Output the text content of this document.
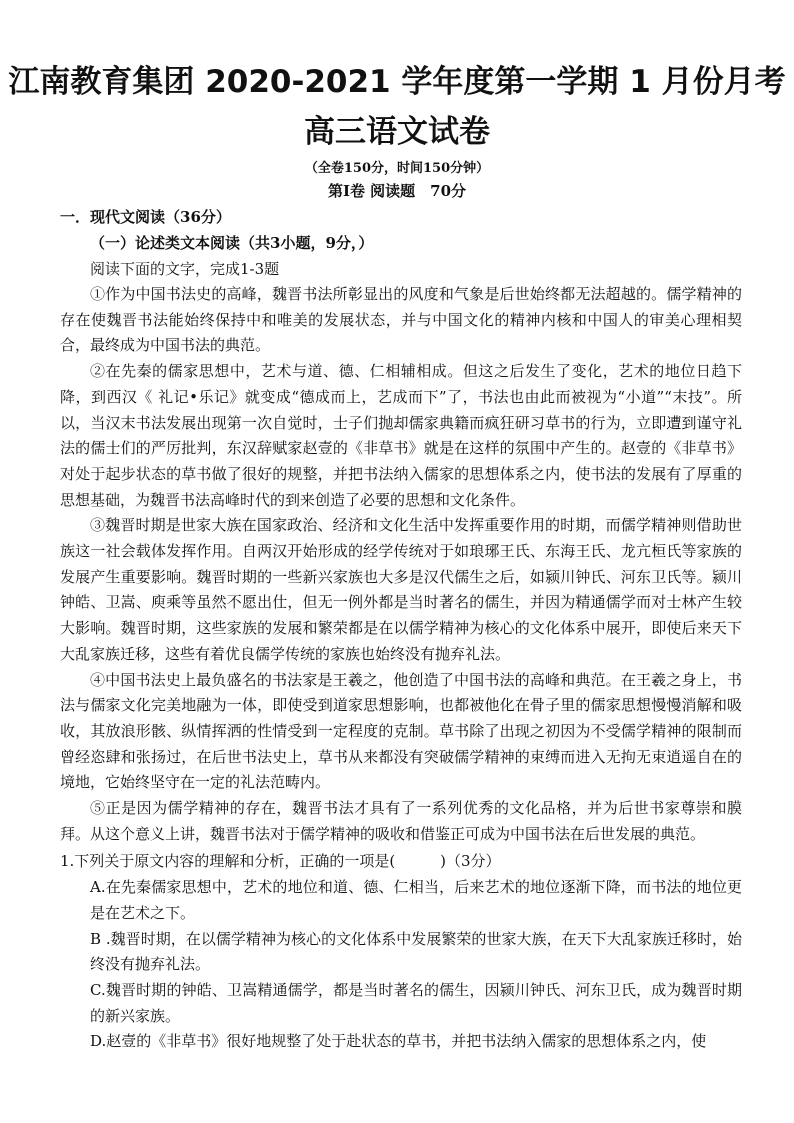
江南教育集团 2020-2021 学年度第一学期 1 月份月考
高三语文试卷
（全卷150分，时间150分钟）
第Ⅰ卷 阅读题　70分
一．现代文阅读（36分）
（一）论述类文本阅读（共3小题，9分，）
阅读下面的文字，完成1-3题

①作为中国书法史的高峰，魏晋书法所彰显出的风度和气象是后世始终都无法超越的。儒学精神的存在使魏晋书法能始终保持中和唯美的发展状态，并与中国文化的精神内核和中国人的审美心理相契合，最终成为中国书法的典范。

②在先秦的儒家思想中，艺术与道、德、仁相辅相成。但这之后发生了变化，艺术的地位日趋下降，到西汉《 礼记•乐记》就变成“德成而上，艺成而下”了，书法也由此而被视为“小道”“末技”。所以，当汉末书法发展出现第一次自觉时，士子们抛却儒家典籍而疯狂研习草书的行为，立即遭到谨守礼法的儒士们的严厉批判，东汉辞赋家赵壹的《非草书》就是在这样的氛围中产生的。赵壹的《非草书》对处于起步状态的草书做了很好的规整，并把书法纳入儒家的思想体系之内，使书法的发展有了厚重的思想基础，为魏晋书法高峰时代的到来创造了必要的思想和文化条件。

③魏晋时期是世家大族在国家政治、经济和文化生活中发挥重要作用的时期，而儒学精神则借助世族这一社会载体发挥作用。自两汉开始形成的经学传统对于如琅琊王氏、东海王氏、龙亢桓氏等家族的发展产生重要影响。魏晋时期的一些新兴家族也大多是汉代儒生之后，如颍川钟氏、河东卫氏等。颍川钟皓、卫嵩、庾乘等虽然不愿出仕，但无一例外都是当时著名的儒生，并因为精通儒学而对士林产生较大影响。魏晋时期，这些家族的发展和繁荣都是在以儒学精神为核心的文化体系中展开，即使后来天下大乱家族迁移，这些有着优良儒学传统的家族也始终没有抛弃礼法。

④中国书法史上最负盛名的书法家是王羲之，他创造了中国书法的高峰和典范。在王羲之身上，书法与儒家文化完美地融为一体，即使受到道家思想影响，也都被他化在骨子里的儒家思想慢慢消解和吸收，其放浪形骸、纵情挥洒的性情受到一定程度的克制。草书除了出现之初因为不受儒学精神的限制而曾经恣肆和张扬过，在后世书法史上，草书从来都没有突破儒学精神的束缚而进入无拘无束逍遥自在的境地，它始终坚守在一定的礼法范畴内。

⑤正是因为儒学精神的存在，魏晋书法才具有了一系列优秀的文化品格，并为后世书家尊崇和膜拜。从这个意义上讲，魏晋书法对于儒学精神的吸收和借鉴正可成为中国书法在后世发展的典范。

1.下列关于原文内容的理解和分析，正确的一项是(　　　)（3分）

A.在先秦儒家思想中，艺术的地位和道、德、仁相当，后来艺术的地位逐渐下降，而书法的地位更是在艺术之下。

B .魏晋时期，在以儒学精神为核心的文化体系中发展繁荣的世家大族，在天下大乱家族迁移时，始终没有抛弃礼法。

C.魏晋时期的钟皓、卫嵩精通儒学，都是当时著名的儒生，因颍川钟氏、河东卫氏，成为魏晋时期的新兴家族。

D.赵壹的《非草书》很好地规整了处于赴状态的草书，并把书法纳入儒家的思想体系之内，使
